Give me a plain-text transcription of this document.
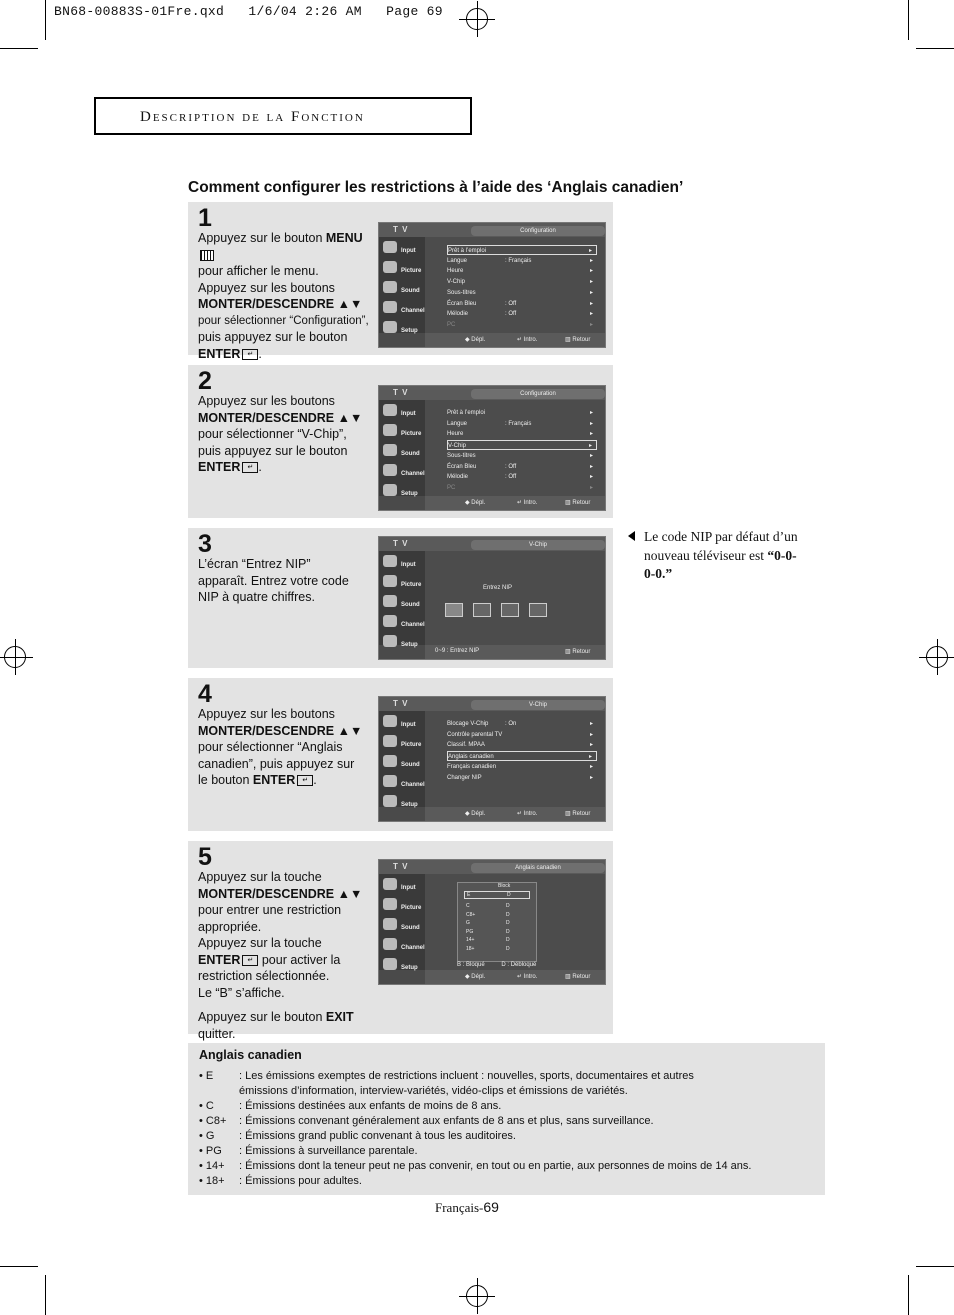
BN68-00883S-01Fre.qxd   1/6/04 2:26 AM   Page 69
Description de la Fonction
Comment configurer les restrictions à l’aide des ‘Anglais canadien’
1
Appuyez sur le bouton MENU
pour afficher le menu.
Appuyez sur les boutons
MONTER/DESCENDRE ▲▼
pour sélectionner “Configuration”,
puis appuyez sur le bouton
ENTER ↵ .
T V	Configuration
Input
Picture
Sound
Channel
Setup
Prêt à l’emploi	▸
Langue	: Français	▸
Heure	▸
V-Chip	▸
Sous-titres	▸
Écran Bleu	: Off	▸
Mélodie	: Off	▸
PC	▸
◆ Dépl.	↵ Intro.	▥ Retour
2
Appuyez sur les boutons
MONTER/DESCENDRE ▲▼
pour sélectionner “V-Chip”,
puis appuyez sur le bouton
ENTER ↵ .
T V	Configuration
Input
Picture
Sound
Channel
Setup
Prêt à l’emploi	▸
Langue	: Français	▸
Heure	▸
V-Chip	▸
Sous-titres	▸
Écran Bleu	: Off	▸
Mélodie	: Off	▸
PC	▸
◆ Dépl.	↵ Intro.	▥ Retour
3
L’écran “Entrez NIP”
apparaît. Entrez votre code
NIP à quatre chiffres.
T V	V-Chip
Input
Picture
Sound
Channel
Setup
Entrez NIP
0~9 : Entrez NIP	▥ Retour
4
Appuyez sur les boutons
MONTER/DESCENDRE ▲▼
pour sélectionner “Anglais
canadien”, puis appuyez sur
le bouton ENTER ↵ .
T V	V-Chip
Input
Picture
Sound
Channel
Setup
Blocage V-Chip	: On	▸
Contrôle parental TV	▸
Classif. MPAA	▸
Anglais canadien	▸
Français canadien	▸
Changer NIP	▸
◆ Dépl.	↵ Intro.	▥ Retour
5
Appuyez sur la touche
MONTER/DESCENDRE ▲▼
pour entrer une restriction
appropriée.
Appuyez sur la touche
ENTER ↵ pour activer la
restriction sélectionnée.
Le “B” s’affiche.
Appuyez sur le bouton EXIT quitter.
T V	Anglais canadien
Input
Picture
Sound
Channel
Setup
Block
E	D
C	D
C8+	D
G	D
PG	D
14+	D
18+	D
B : Bloqué          D : Débloqué
◆ Dépl.	↵ Intro.	▥ Retour
Le code NIP par défaut d’un nouveau téléviseur est “0-0-0-0.”
Anglais canadien
• E	: Les émissions exemptes de restrictions incluent : nouvelles, sports, documentaires et autres
émissions d’information, interview-variétés, vidéo-clips et émissions de variétés.
• C	: Émissions destinées aux enfants de moins de 8 ans.
• C8+	: Émissions convenant généralement aux enfants de 8 ans et plus, sans surveillance.
• G	: Émissions grand public convenant à tous les auditoires.
• PG	: Émissions à surveillance parentale.
• 14+	: Émissions dont la teneur peut ne pas convenir, en tout ou en partie, aux personnes de moins de 14 ans.
• 18+	: Émissions pour adultes.
Français-69
